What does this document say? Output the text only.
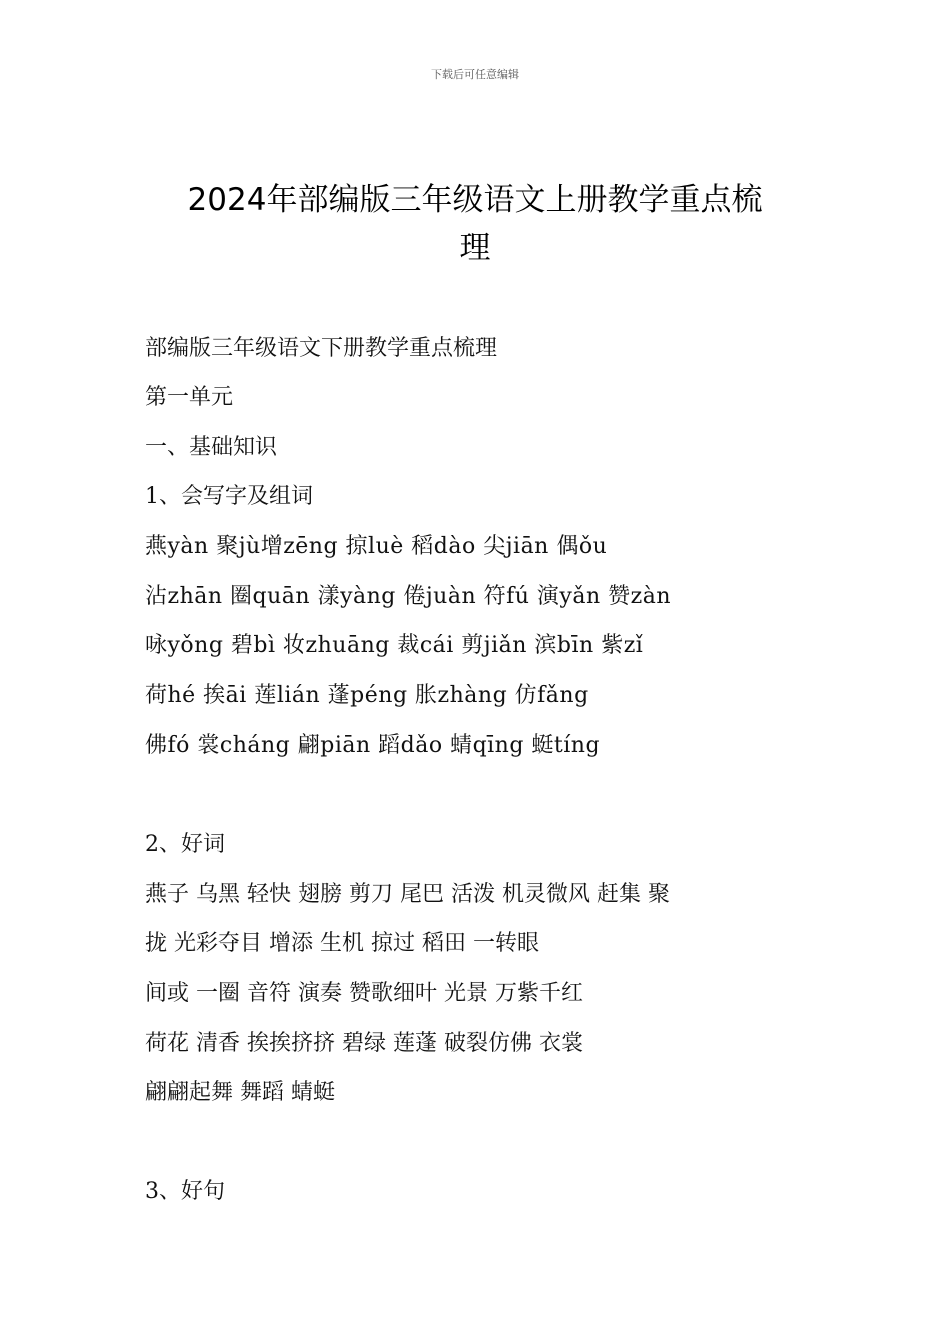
下载后可任意编辑
2024年部编版三年级语文上册教学重点梳
理
部编版三年级语文下册教学重点梳理
第一单元
一、基础知识
1、会写字及组词
燕yàn 聚jù增zēng 掠luè 稻dào 尖jiān 偶ǒu
沾zhān 圈quān 漾yàng 倦juàn 符fú 演yǎn 赞zàn
咏yǒng 碧bì 妆zhuāng 裁cái 剪jiǎn 滨bīn 紫zǐ
荷hé 挨āi 莲lián 蓬péng 胀zhàng 仿fǎng
佛fó 裳cháng 翩piān 蹈dǎo 蜻qīng 蜓tíng
2、好词
燕子 乌黑 轻快 翅膀 剪刀 尾巴 活泼 机灵微风 赶集 聚
拢 光彩夺目 增添 生机 掠过 稻田 一转眼
间或 一圈 音符 演奏 赞歌细叶 光景 万紫千红
荷花 清香 挨挨挤挤 碧绿 莲蓬 破裂仿佛 衣裳
翩翩起舞 舞蹈 蜻蜓
3、好句
